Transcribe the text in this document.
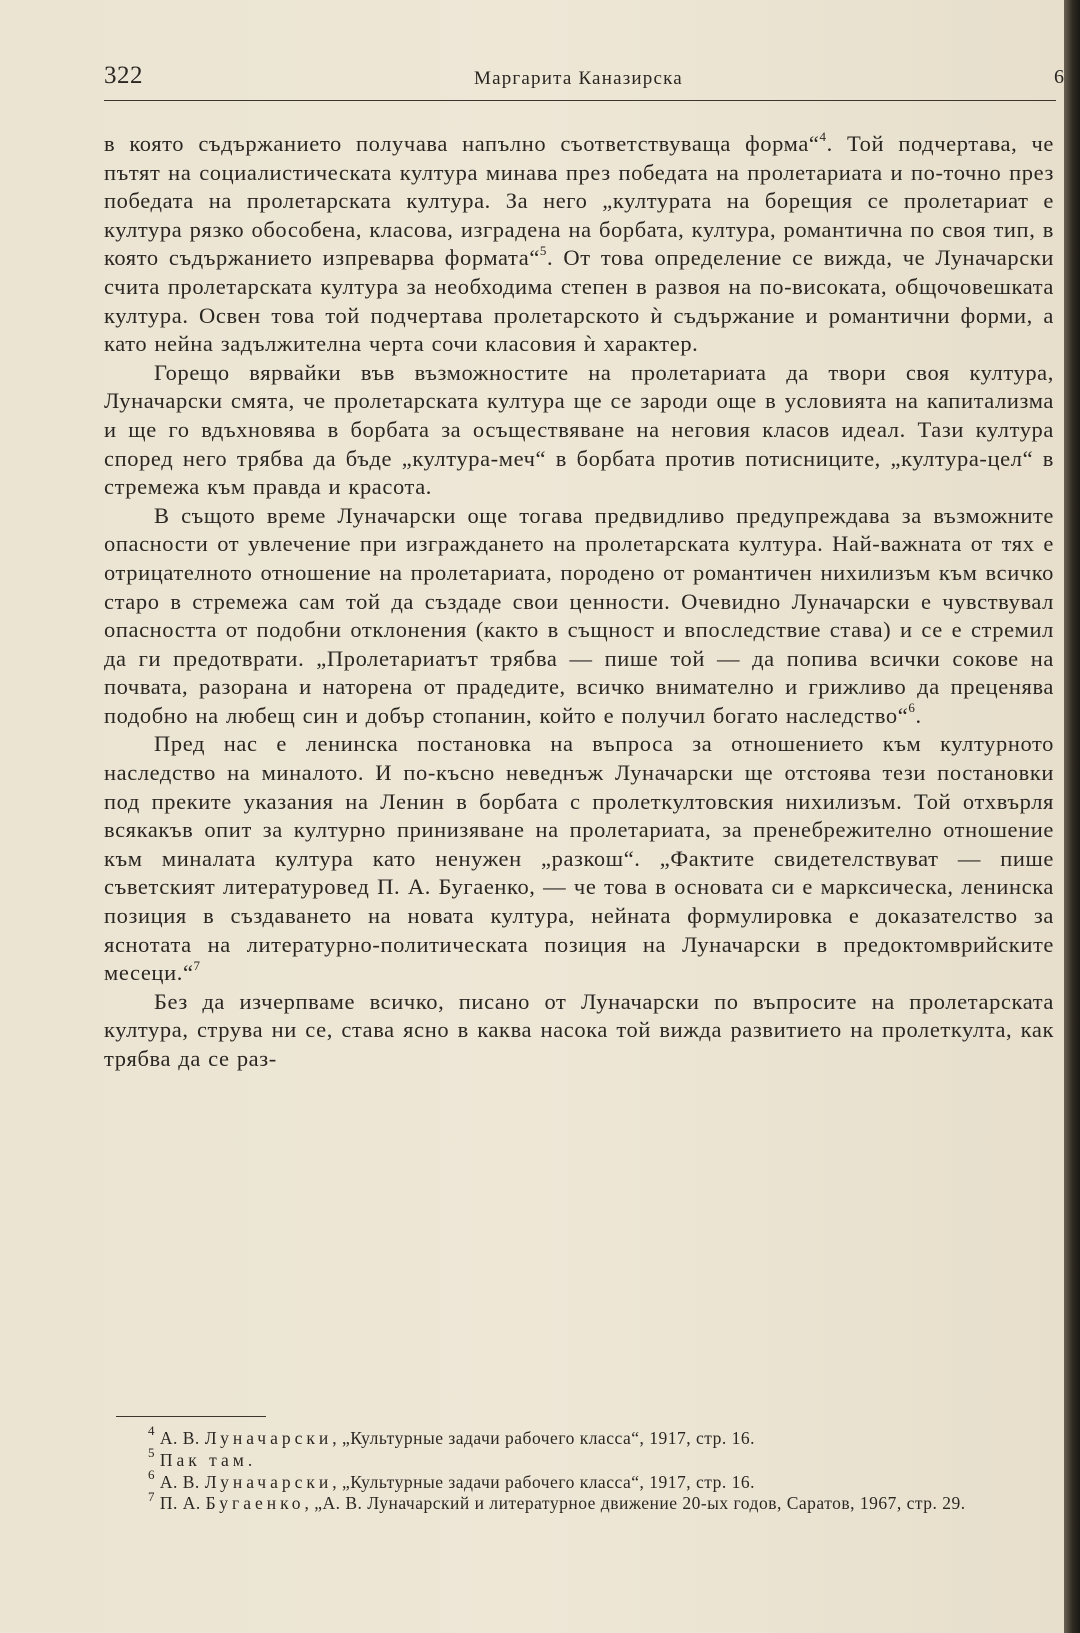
322	Маргарита Каназирска	6

в която съдържанието получава напълно съответствуваща форма“$^4$. Той подчертава, че пътят на социалистическата култура минава през победата на пролетариата и по-точно през победата на пролетарската култура. За него „културата на борещия се пролетариат е култура рязко обособена, класова, изградена на борбата, култура, романтична по своя тип, в която съдържанието изпреварва формата“$^5$. От това определение се вижда, че Луначарски счита пролетарската култура за необходима степен в развоя на по-високата, общочовешката култура. Освен това той подчертава пролетарското ѝ съдържание и романтични форми, а като нейна задължителна черта сочи класовия ѝ характер.

Горещо вярвайки във възможностите на пролетариата да твори своя култура, Луначарски смята, че пролетарската култура ще се зароди още в условията на капитализма и ще го вдъхновява в борбата за осъществяване на неговия класов идеал. Тази култура според него трябва да бъде „култура-меч“ в борбата против потисниците, „култура-цел“ в стремежа към правда и красота.

В същото време Луначарски още тогава предвидливо предупреждава за възможните опасности от увлечение при изграждането на пролетарската култура. Най-важната от тях е отрицателното отношение на пролетариата, породено от романтичен нихилизъм към всичко старо в стремежа сам той да създаде свои ценности. Очевидно Луначарски е чувствувал опасността от подобни отклонения (както в същност и впоследствие става) и се е стремил да ги предотврати. „Пролетариатът трябва — пише той — да попива всички сокове на почвата, разорана и наторена от прадедите, всичко внимателно и грижливо да преценява подобно на любещ син и добър стопанин, който е получил богато наследство“$^6$.

Пред нас е ленинска постановка на въпроса за отношението към културното наследство на миналото. И по-късно неведнъж Луначарски ще отстоява тези постановки под преките указания на Ленин в борбата с пролеткултовския нихилизъм. Той отхвърля всякакъв опит за културно принизяване на пролетариата, за пренебрежително отношение към миналата култура като ненужен „разкош“. „Фактите свидетелствуват — пише съветският литературовед П. А. Бугаенко, — че това в основата си е марксическа, ленинска позиция в създаването на новата култура, нейната формулировка е доказателство за яснотата на литературно-политическата позиция на Луначарски в предоктомврийските месеци.“$^7$

Без да изчерпваме всичко, писано от Луначарски по въпросите на пролетарската култура, струва ни се, става ясно в каква насока той вижда развитието на пролеткулта, как трябва да се раз-

$^4$ А. В. Луначарски, „Культурные задачи рабочего класса“, 1917, стр. 16.

$^5$ Пак там.

$^6$ А. В. Луначарски, „Культурные задачи рабочего класса“, 1917, стр. 16.

$^7$ П. А. Бугаенко, „А. В. Луначарский и литературное движение 20-ых годов, Саратов, 1967, стр. 29.
